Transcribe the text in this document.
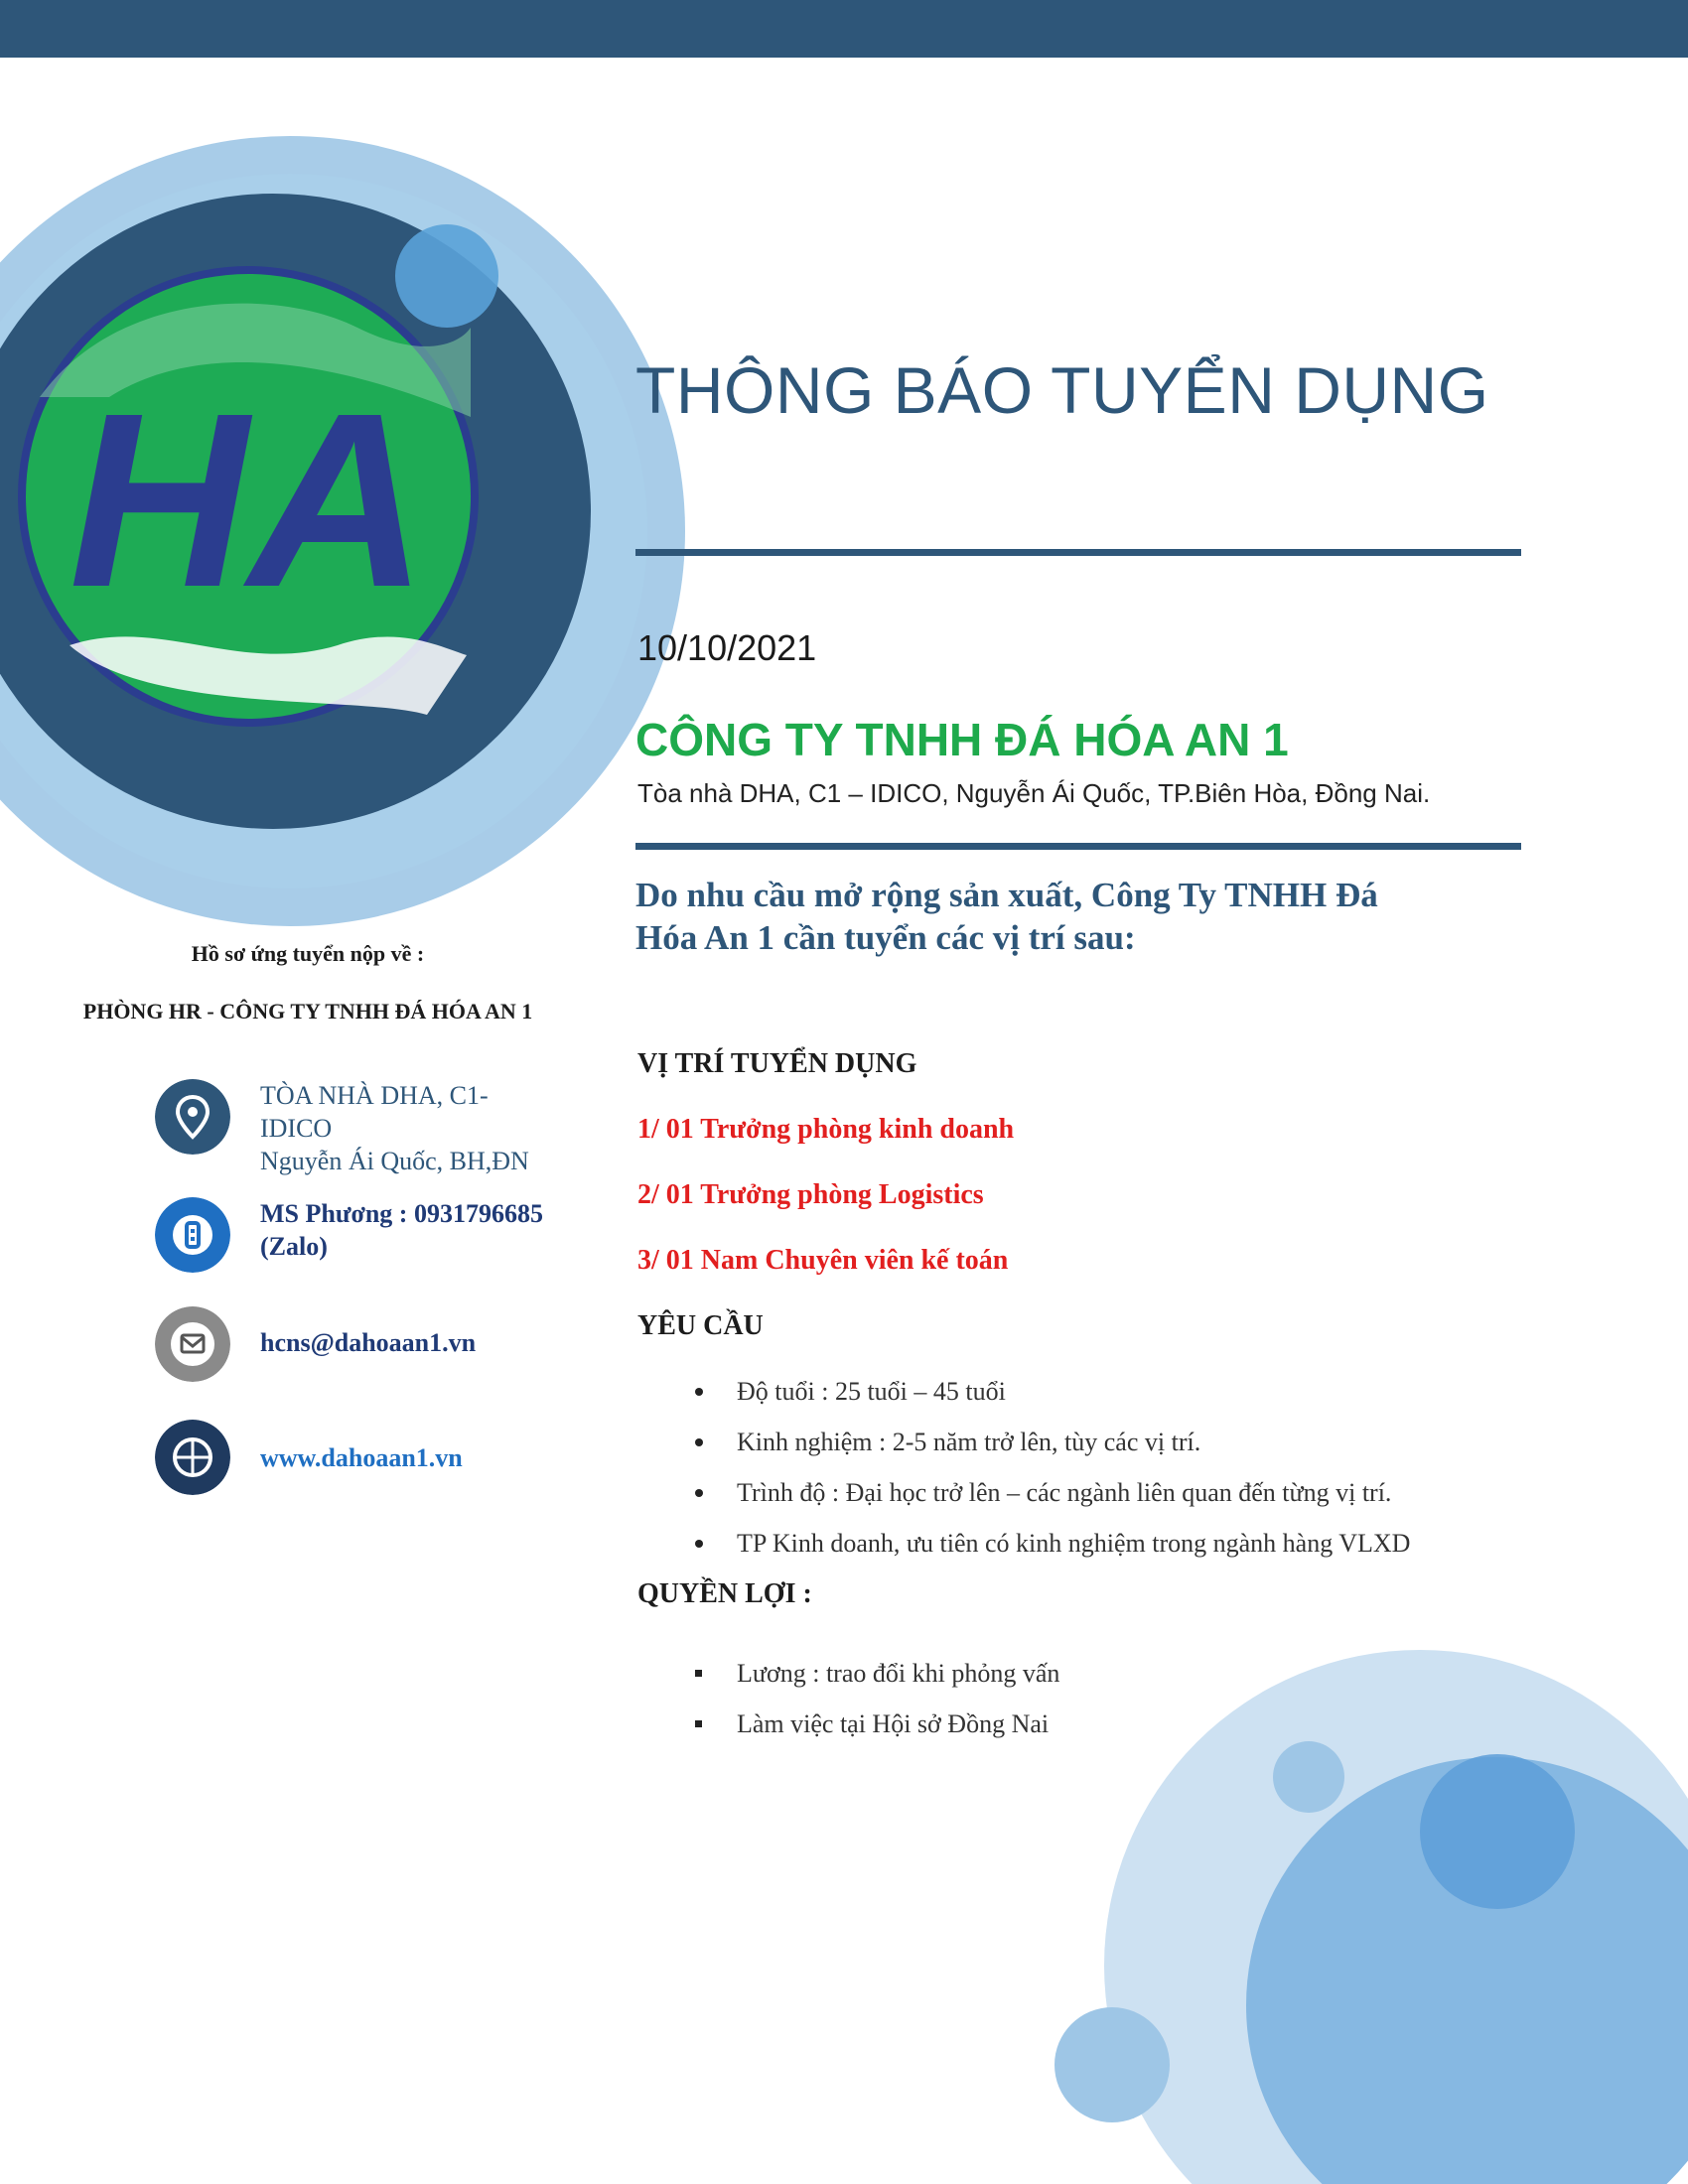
HA	THÔNG BÁO TUYỂN DỤNG
10/10/2021
CÔNG TY TNHH ĐÁ HÓA AN 1
Tòa nhà DHA, C1 – IDICO, Nguyễn Ái Quốc, TP.Biên Hòa, Đồng Nai.
Do nhu cầu mở rộng sản xuất, Công Ty TNHH Đá
Hóa An 1 cần tuyển các vị trí sau:
VỊ TRÍ TUYỂN DỤNG
1/ 01 Trưởng phòng kinh doanh
2/ 01 Trưởng phòng Logistics
3/ 01 Nam Chuyên viên kế toán
YÊU CẦU
Độ tuổi : 25 tuổi – 45 tuổi
Kinh nghiệm : 2-5 năm trở lên, tùy các vị trí.
Trình độ : Đại học trở lên – các ngành liên quan đến từng vị trí.
TP Kinh doanh, ưu tiên có kinh nghiệm trong ngành hàng VLXD
QUYỀN LỢI :
Lương : trao đổi khi phỏng vấn
Làm việc tại Hội sở Đồng Nai
Hồ sơ ứng tuyển nộp về :
PHÒNG HR - CÔNG TY TNHH ĐÁ HÓA AN 1
TÒA NHÀ DHA, C1-
IDICO
Nguyễn Ái Quốc, BH,ĐN
MS Phương : 0931796685
(Zalo)
hcns@dahoaan1.vn
www.dahoaan1.vn
